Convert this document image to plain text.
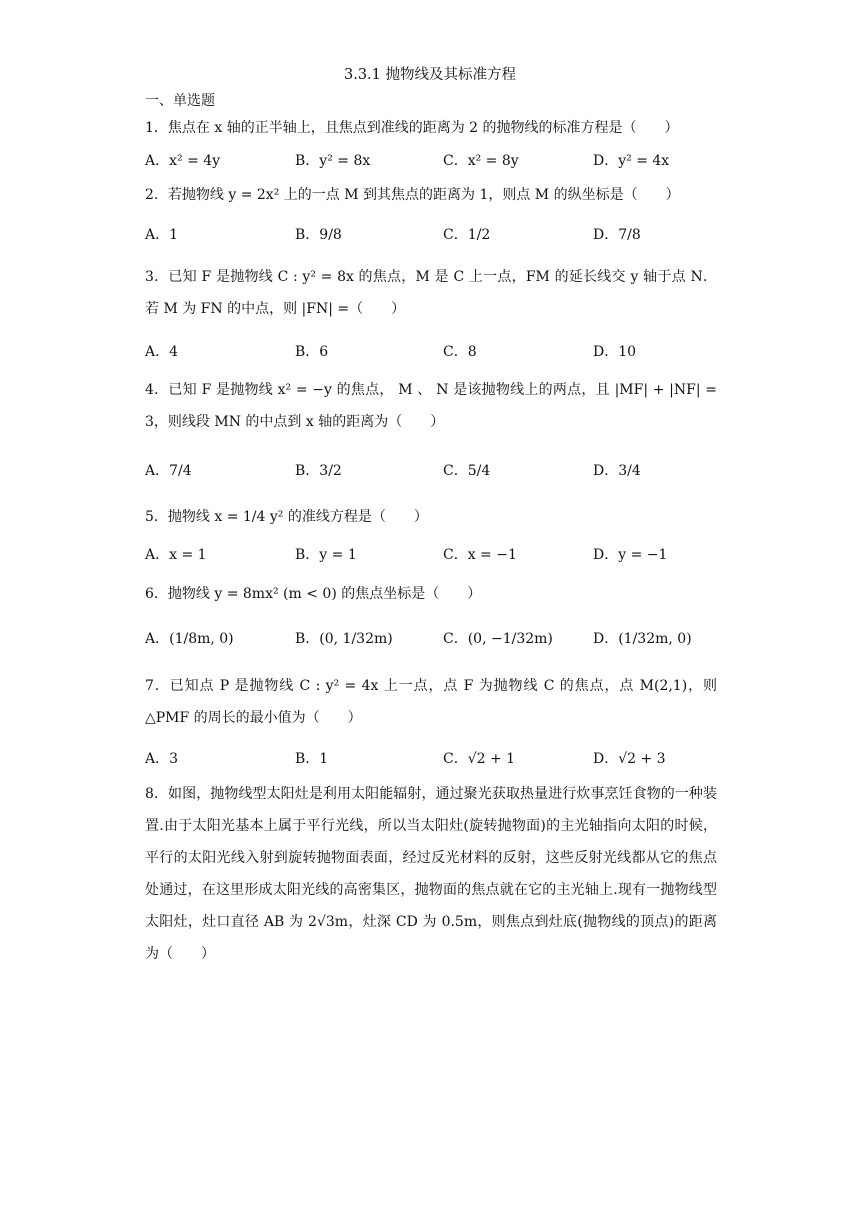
3.3.1 抛物线及其标准方程
一、单选题
1．焦点在 x 轴的正半轴上，且焦点到准线的距离为 2 的抛物线的标准方程是（　　）
A．x² = 4y	B．y² = 8x	C．x² = 8y	D．y² = 4x
2．若抛物线 y = 2x² 上的一点 M 到其焦点的距离为 1，则点 M 的纵坐标是（　　）
A．1	B．9/8	C．1/2	D．7/8
3．已知 F 是抛物线 C : y² = 8x 的焦点，M 是 C 上一点，FM 的延长线交 y 轴于点 N．若 M 为 FN 的中点，则 |FN| =（　　）
A．4	B．6	C．8	D．10
4．已知 F 是抛物线 x² = −y 的焦点， M 、 N 是该抛物线上的两点，且 |MF| + |NF| = 3，则线段 MN 的中点到 x 轴的距离为（　　）
A．7/4	B．3/2	C．5/4	D．3/4
5．抛物线 x = 1/4 y² 的准线方程是（　　）
A．x = 1	B．y = 1	C．x = −1	D．y = −1
6．抛物线 y = 8mx² (m < 0) 的焦点坐标是（　　）
A．(1/8m, 0)	B．(0, 1/32m)	C．(0, −1/32m)	D．(1/32m, 0)
7．已知点 P 是抛物线 C : y² = 4x 上一点，点 F 为抛物线 C 的焦点，点 M(2,1)，则△PMF 的周长的最小值为（　　）
A．3	B．1	C．√2 + 1	D．√2 + 3
8．如图，抛物线型太阳灶是利用太阳能辐射，通过聚光获取热量进行炊事烹饪食物的一种装置.由于太阳光基本上属于平行光线，所以当太阳灶(旋转抛物面)的主光轴指向太阳的时候，平行的太阳光线入射到旋转抛物面表面，经过反光材料的反射，这些反射光线都从它的焦点处通过，在这里形成太阳光线的高密集区，抛物面的焦点就在它的主光轴上.现有一抛物线型太阳灶，灶口直径 AB 为 2√3m，灶深 CD 为 0.5m，则焦点到灶底(抛物线的顶点)的距离为（　　）
